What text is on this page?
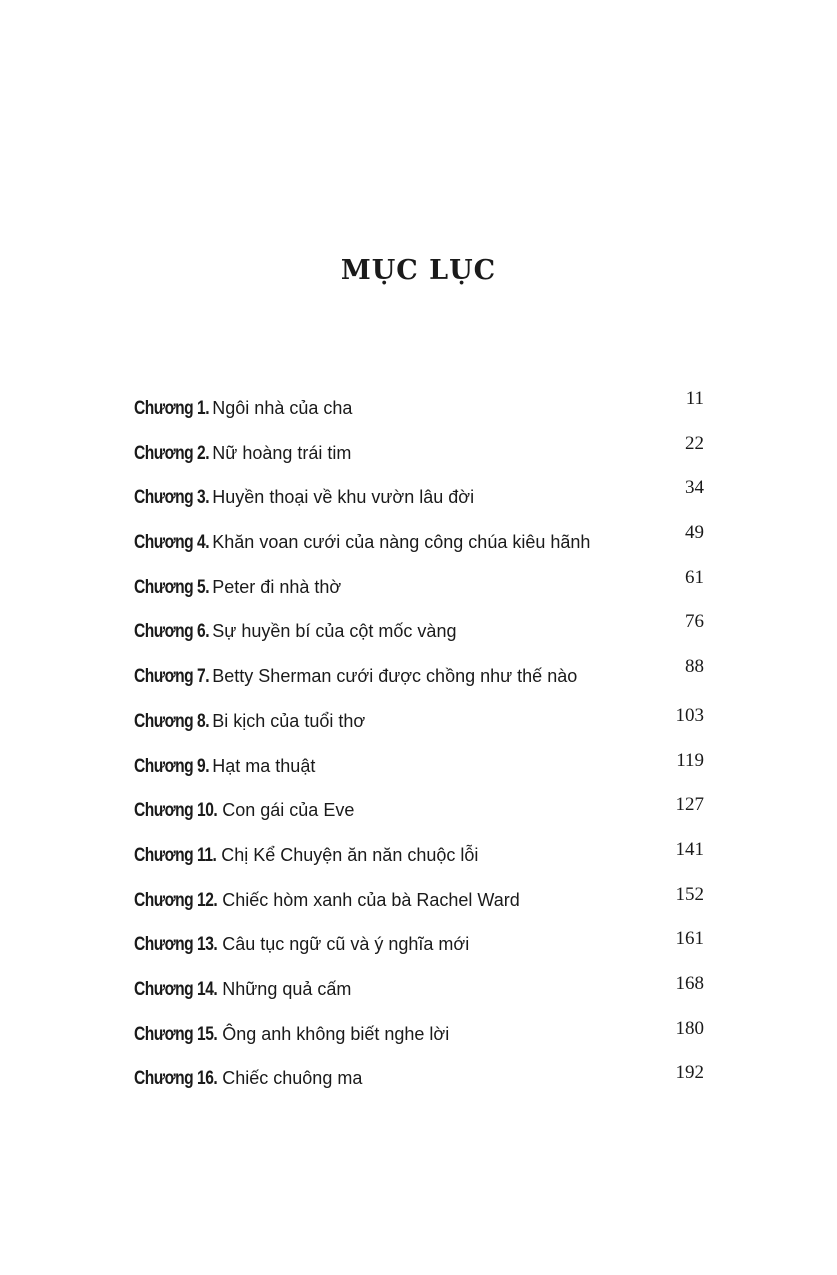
MỤC LỤC
Chương 1. Ngôi nhà của cha	11
Chương 2. Nữ hoàng trái tim	22
Chương 3. Huyền thoại về khu vườn lâu đời	34
Chương 4. Khăn voan cưới của nàng công chúa kiêu hãnh	49
Chương 5. Peter đi nhà thờ	61
Chương 6. Sự huyền bí của cột mốc vàng	76
Chương 7. Betty Sherman cưới được chồng như thế nào	88
Chương 8. Bi kịch của tuổi thơ	103
Chương 9. Hạt ma thuật	119
Chương 10. Con gái của Eve	127
Chương 11. Chị Kể Chuyện ăn năn chuộc lỗi	141
Chương 12. Chiếc hòm xanh của bà Rachel Ward	152
Chương 13. Câu tục ngữ cũ và ý nghĩa mới	161
Chương 14. Những quả cấm	168
Chương 15. Ông anh không biết nghe lời	180
Chương 16. Chiếc chuông ma	192
